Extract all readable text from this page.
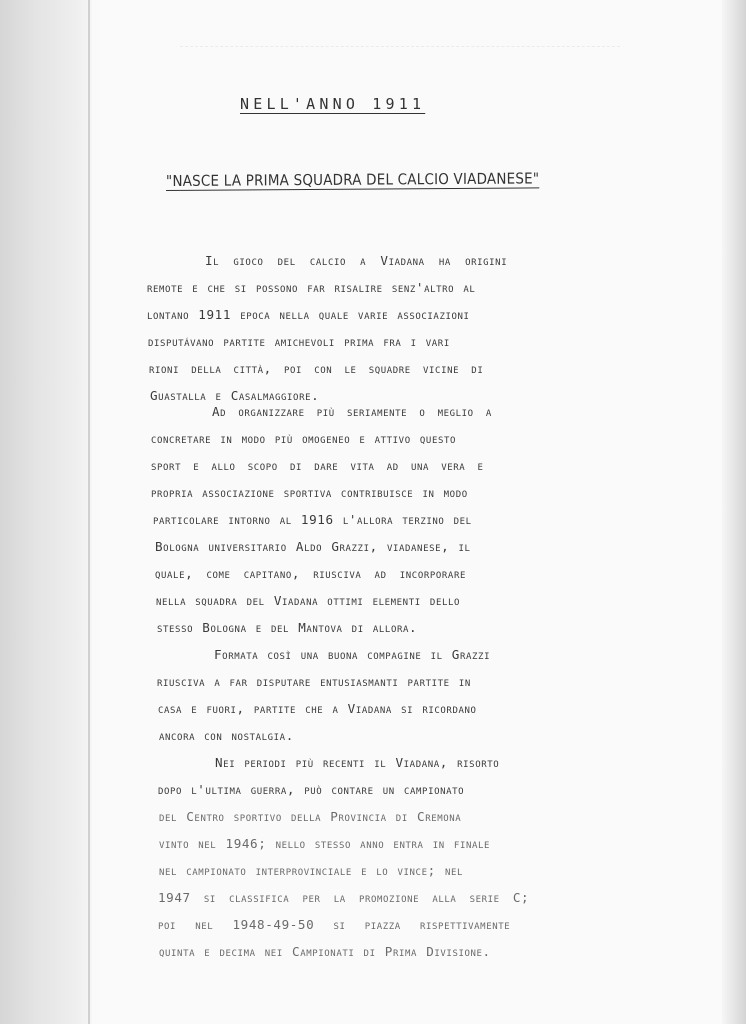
NELL'ANNO 1911
"NASCE LA PRIMA SQUADRA DEL CALCIO VIADANESE"
Il gioco del calcio a Viadana ha origini
remote e che si possono far risalire senz'altro al
lontano 1911 epoca nella quale varie associazioni
disputávano partite amichevoli prima fra i vari
rioni della città, poi con le squadre vicine di
Guastalla e Casalmaggiore.
Ad organizzare più seriamente o meglio a
concretare in modo più omogeneo e attivo questo
sport e allo scopo di dare vita ad una vera e
propria associazione sportiva contribuisce in modo
particolare intorno al 1916 l'allora terzino del
Bologna universitario Aldo Grazzi, viadanese, il
quale, come capitano, riusciva ad incorporare
nella squadra del Viadana ottimi elementi dello
stesso Bologna e del Mantova di allora.
Formata così una buona compagine il Grazzi
riusciva a far disputare entusiasmanti partite in
casa e fuori, partite che a Viadana si ricordano
ancora con nostalgia.
Nei periodi più recenti il Viadana, risorto
dopo l'ultima guerra, può contare un campionato
del Centro sportivo della Provincia di Cremona
vinto nel 1946; nello stesso anno entra in finale
nel campionato interprovinciale e lo vince; nel
1947 si classifica per la promozione alla serie C;
poi nel 1948-49-50 si piazza rispettivamente
quinta e decima nei Campionati di Prima Divisione.
